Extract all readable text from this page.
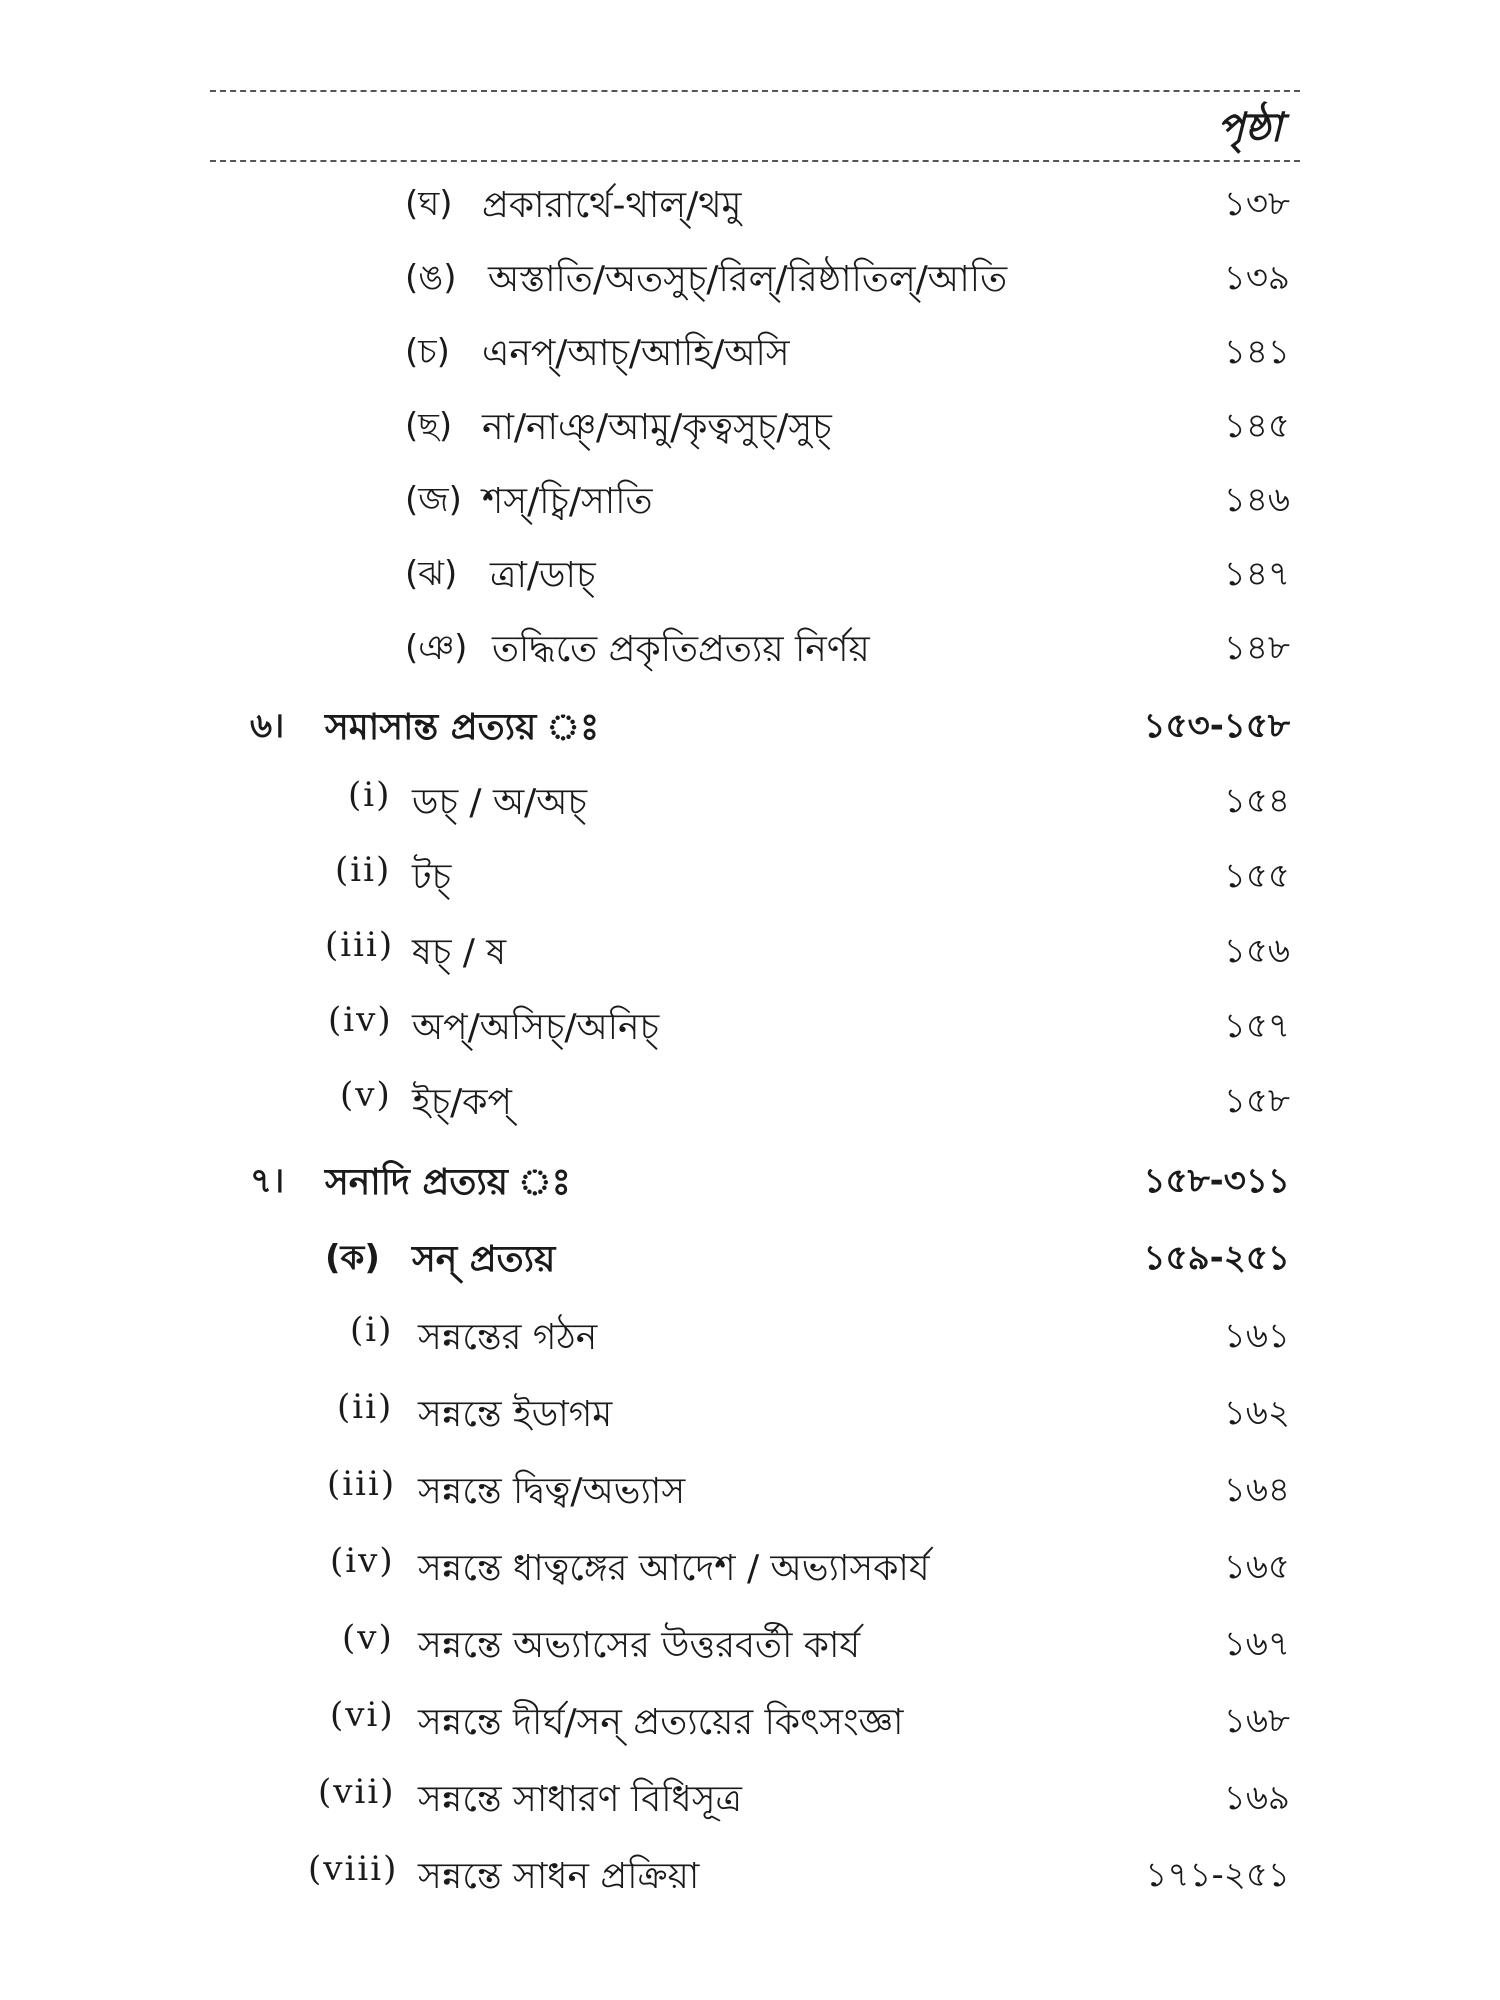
পৃষ্ঠা
(ঘ) প্রকারার্থে-থাল্/থমু	১৩৮
(ঙ) অস্তাতি/অতসুচ্/রিল্/রিষ্ঠাতিল্/আতি	১৩৯
(চ) এনপ্/আচ্/আহি/অসি	১৪১
(ছ) না/নাঞ্/আমু/কৃত্বসুচ্/সুচ্	১৪৫
(জ) শস্/চ্বি/সাতি	১৪৬
(ঝ) ত্রা/ডাচ্	১৪৭
(ঞ) তদ্ধিতে প্রকৃতিপ্রত্যয় নির্ণয়	১৪৮
৬। সমাসান্ত প্রত্যয় ঃ	১৫৩-১৫৮
(i) ডচ্ / অ/অচ্	১৫৪
(ii) টচ্	১৫৫
(iii) ষচ্ / ষ	১৫৬
(iv) অপ্/অসিচ্/অনিচ্	১৫৭
(v) ইচ্/কপ্	১৫৮
৭। সনাদি প্রত্যয় ঃ	১৫৮-৩১১
(ক) সন্ প্রত্যয়	১৫৯-২৫১
(i) সন্নন্তের গঠন	১৬১
(ii) সন্নন্তে ইডাগম	১৬২
(iii) সন্নন্তে দ্বিত্ব/অভ্যাস	১৬৪
(iv) সন্নন্তে ধাত্বঙ্গের আদেশ / অভ্যাসকার্য	১৬৫
(v) সন্নন্তে অভ্যাসের উত্তরবর্তী কার্য	১৬৭
(vi) সন্নন্তে দীর্ঘ/সন্ প্রত্যয়ের কিৎসংজ্ঞা	১৬৮
(vii) সন্নন্তে সাধারণ বিধিসূত্র	১৬৯
(viii) সন্নন্তে সাধন প্রক্রিয়া	১৭১-২৫১
